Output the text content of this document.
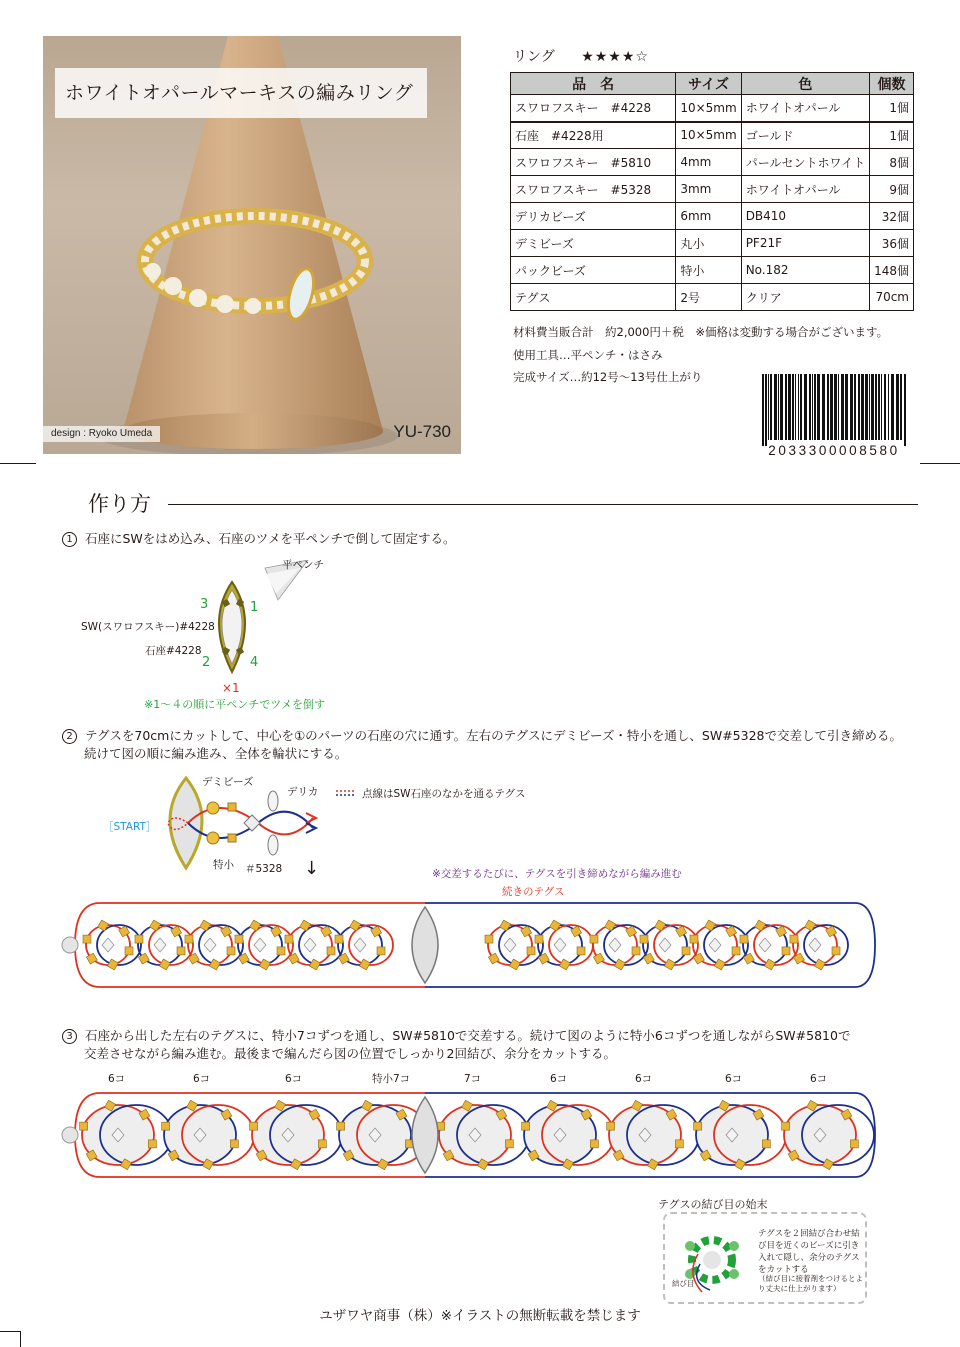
ホワイトオパールマーキスの編みリング
design : Ryoko Umeda	YU-730
リング ★★★★☆
品　名	サイズ	色	個数
スワロフスキー　#4228	10×5mm	ホワイトオパール	1個
石座　#4228用	10×5mm	ゴールド	1個
スワロフスキー　#5810	4mm	パールセントホワイト	8個
スワロフスキー　#5328	3mm	ホワイトオパール	9個
デリカビーズ	6mm	DB410	32個
デミビーズ	丸小	PF21F	36個
パックビーズ	特小	No.182	148個
テグス	2号	クリア	70cm
材料費当販合計　約2,000円＋税　※価格は変動する場合がございます。
使用工具…平ペンチ・はさみ
完成サイズ…約12号〜13号仕上がり
2033300008580
作り方
1 石座にSWをはめ込み、石座のツメを平ペンチで倒して固定する。
平ペンチ
1
3
2	4
SW(スワロフスキー)#4228
石座#4228
×1
※1〜４の順に平ペンチでツメを倒す
2 テグスを70cmにカットして、中心を①のパーツの石座の穴に通す。左右のテグスにデミビーズ・特小を通し、SW#5328で交差して引き締める。
続けて図の順に編み進み、全体を輪状にする。
デミビーズ
デリカ
［START］
特小 ＃5328
点線はSW石座のなかを通るテグス
↓	※交差するたびに、テグスを引き締めながら編み進む
続きのテグス
3 石座から出した左右のテグスに、特小7コずつを通し、SW#5810で交差する。続けて図のように特小6コずつを通しながらSW#5810で
交差させながら編み進む。最後まで編んだら図の位置でしっかり2回結び、余分をカットする。
6コ	6コ	6コ	特小7コ	7コ	6コ	6コ	6コ	6コ
テグスの結び目の始末
結び目
テグスを２回結び合わせ結び目を近くのビーズに引き入れて隠し、余分のテグスをカットする
（結び目に接着剤をつけるとより丈夫に仕上がります）
ユザワヤ商事（株）※イラストの無断転載を禁じます
